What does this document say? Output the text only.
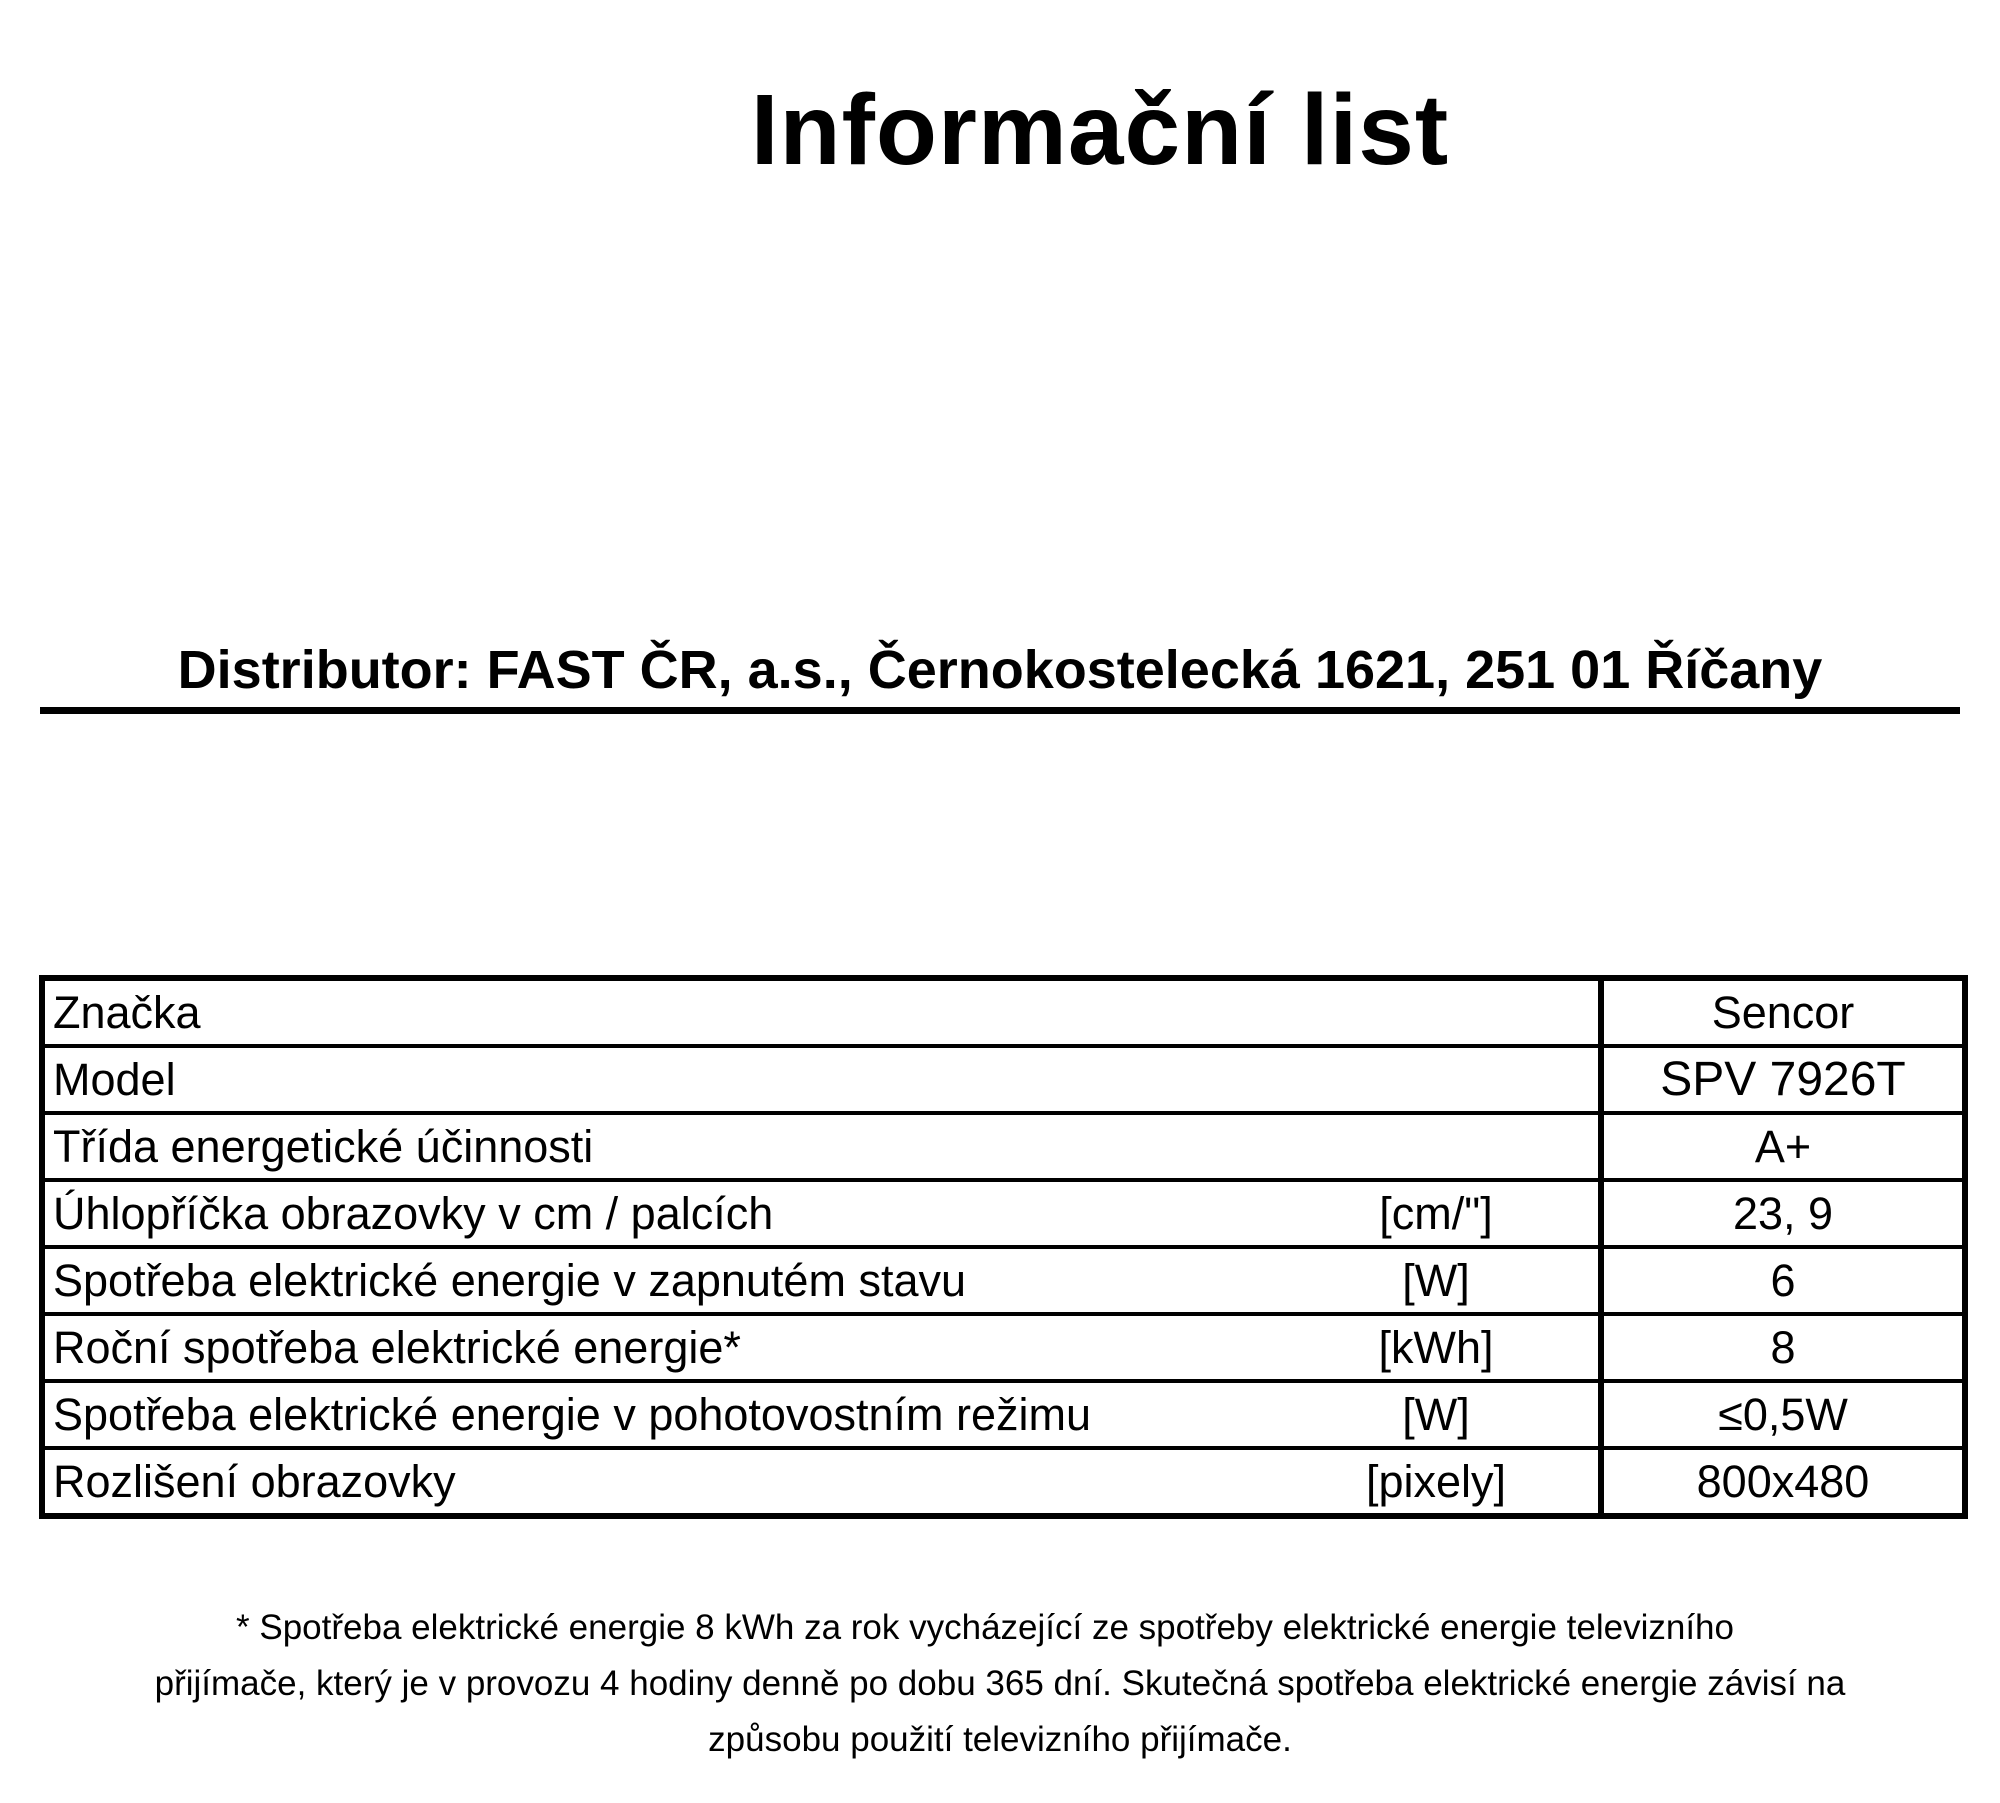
Informační list
Distributor: FAST ČR, a.s., Černokostelecká 1621, 251 01 Říčany
Značka		Sencor
Model		SPV 7926T
Třída energetické účinnosti		A+
Úhlopříčka obrazovky v cm / palcích	[cm/"]	23, 9
Spotřeba elektrické energie v zapnutém stavu	[W]	6
Roční spotřeba elektrické energie*	[kWh]	8
Spotřeba elektrické energie v pohotovostním režimu	[W]	≤0,5W
Rozlišení obrazovky	[pixely]	800x480
* Spotřeba elektrické energie 8 kWh za rok vycházející ze spotřeby elektrické energie televizního
přijímače, který je v provozu 4 hodiny denně po dobu 365 dní. Skutečná spotřeba elektrické energie závisí na
způsobu použití televizního přijímače.
